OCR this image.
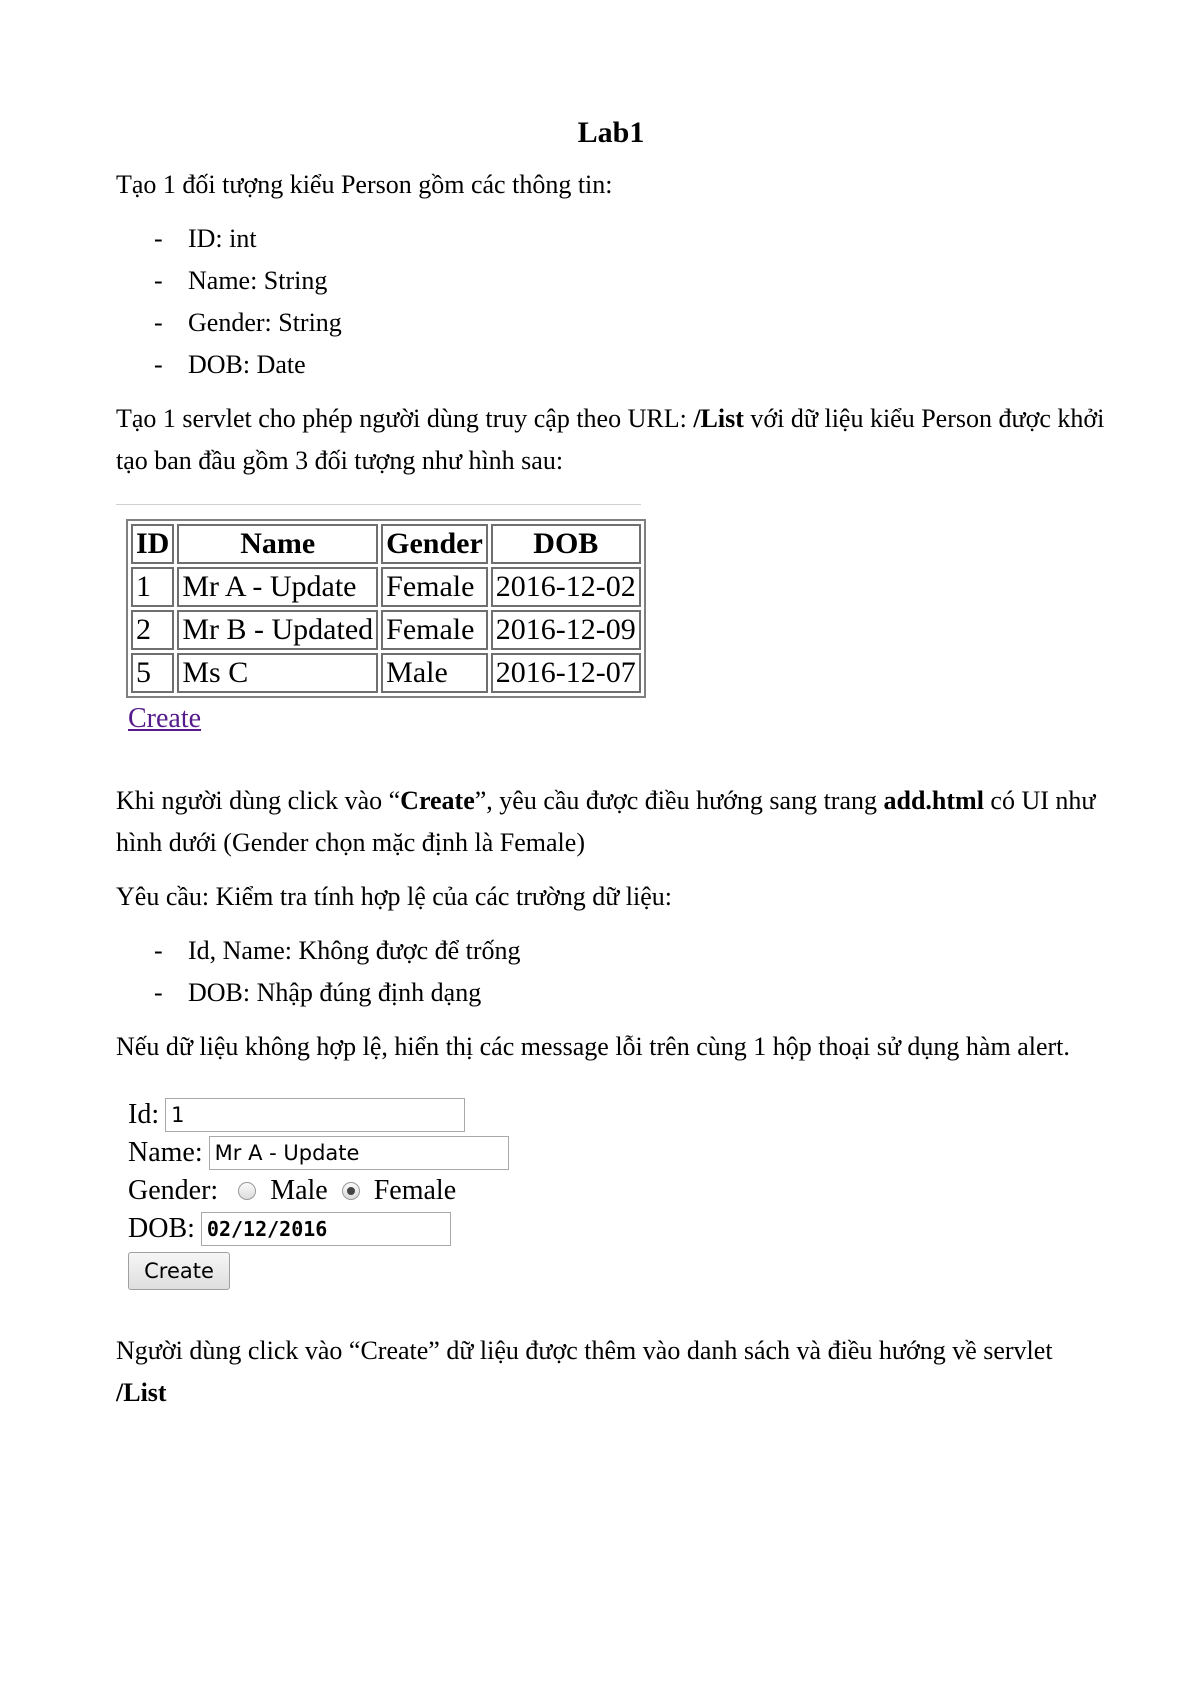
Lab1

Tạo 1 đối tượng kiểu Person gồm các thông tin:

- ID: int
- Name: String
- Gender: String
- DOB: Date

Tạo 1 servlet cho phép người dùng truy cập theo URL: /List với dữ liệu kiểu Person được khởi tạo ban đầu gồm 3 đối tượng như hình sau:

ID	Name	Gender	DOB
1	Mr A - Update	Female	2016-12-02
2	Mr B - Updated	Female	2016-12-09
5	Ms C	Male	2016-12-07
Create

Khi người dùng click vào “Create”, yêu cầu được điều hướng sang trang add.html có UI như hình dưới (Gender chọn mặc định là Female)

Yêu cầu: Kiểm tra tính hợp lệ của các trường dữ liệu:

- Id, Name: Không được để trống
- DOB: Nhập đúng định dạng

Nếu dữ liệu không hợp lệ, hiển thị các message lỗi trên cùng 1 hộp thoại sử dụng hàm alert.

Id: 1
Name: Mr A - Update
Gender: Male Female
DOB: 02/12/2016
Create

Người dùng click vào “Create” dữ liệu được thêm vào danh sách và điều hướng về servlet /List
